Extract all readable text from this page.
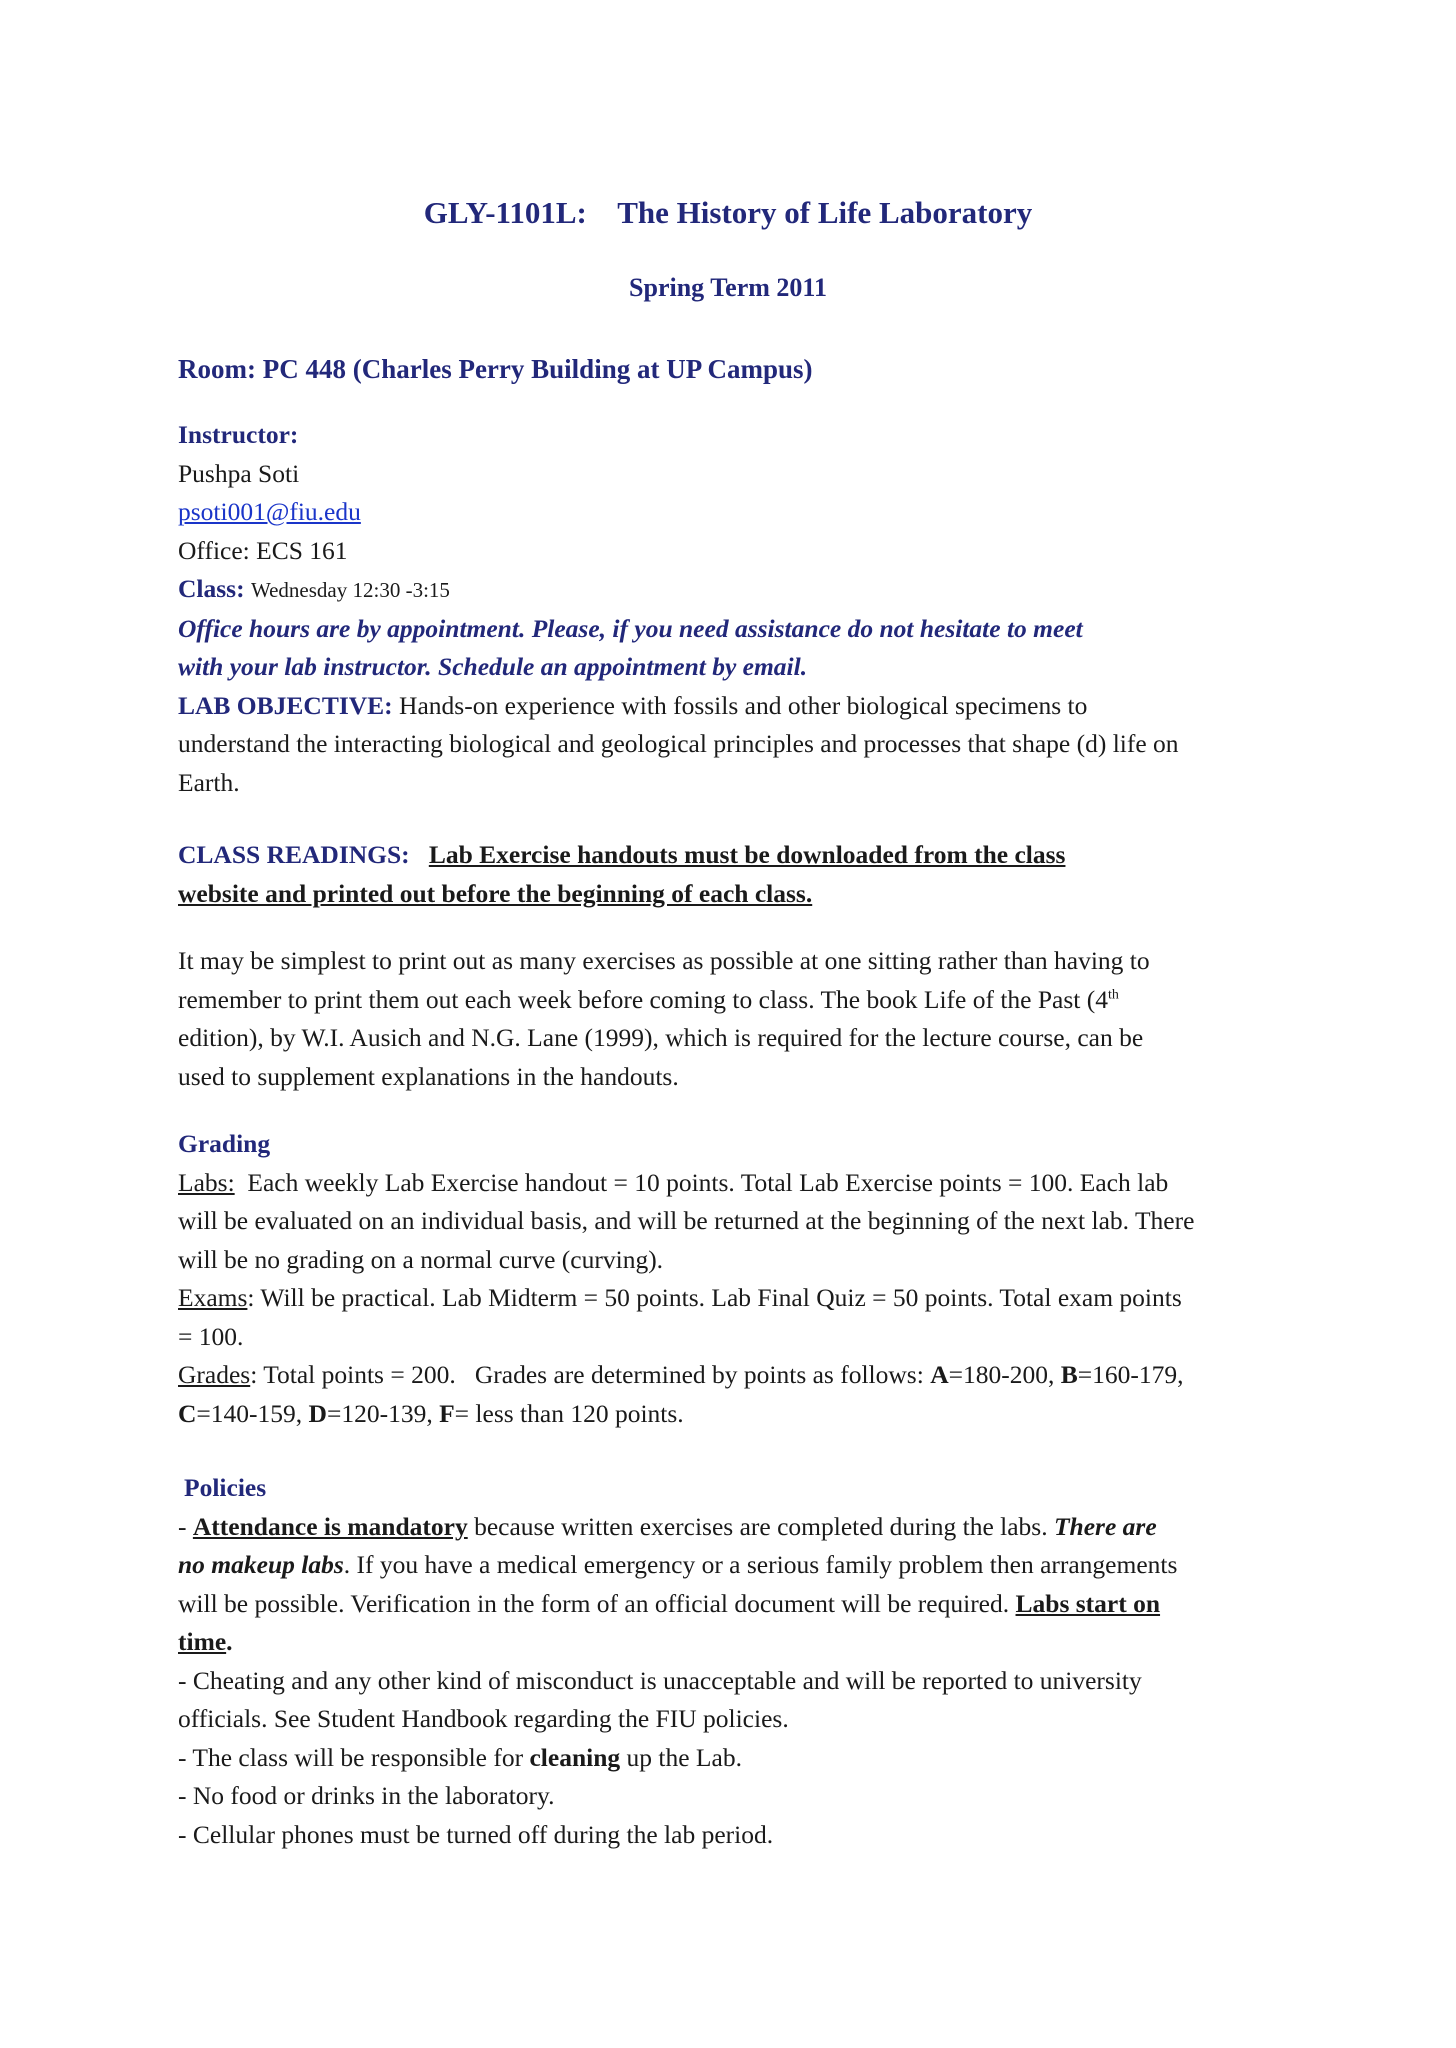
GLY-1101L:    The History of Life Laboratory
Spring Term 2011
Room: PC 448 (Charles Perry Building at UP Campus)
Instructor:
Pushpa Soti
psoti001@fiu.edu
Office: ECS 161
Class: Wednesday 12:30 -3:15
Office hours are by appointment. Please, if you need assistance do not hesitate to meet
with your lab instructor. Schedule an appointment by email.
LAB OBJECTIVE: Hands-on experience with fossils and other biological specimens to
understand the interacting biological and geological principles and processes that shape (d) life on
Earth.
CLASS READINGS: Lab Exercise handouts must be downloaded from the class
website and printed out before the beginning of each class.
It may be simplest to print out as many exercises as possible at one sitting rather than having to
remember to print them out each week before coming to class. The book Life of the Past (4th
edition), by W.I. Ausich and N.G. Lane (1999), which is required for the lecture course, can be
used to supplement explanations in the handouts.
Grading
Labs:  Each weekly Lab Exercise handout = 10 points. Total Lab Exercise points = 100. Each lab
will be evaluated on an individual basis, and will be returned at the beginning of the next lab. There
will be no grading on a normal curve (curving).
Exams: Will be practical. Lab Midterm = 50 points. Lab Final Quiz = 50 points. Total exam points
= 100.
Grades: Total points = 200.   Grades are determined by points as follows: A=180-200, B=160-179,
C=140-159, D=120-139, F= less than 120 points.
Policies
- Attendance is mandatory because written exercises are completed during the labs. There are
no makeup labs. If you have a medical emergency or a serious family problem then arrangements
will be possible. Verification in the form of an official document will be required. Labs start on
time.
- Cheating and any other kind of misconduct is unacceptable and will be reported to university
officials. See Student Handbook regarding the FIU policies.
- The class will be responsible for cleaning up the Lab.
- No food or drinks in the laboratory.
- Cellular phones must be turned off during the lab period.
